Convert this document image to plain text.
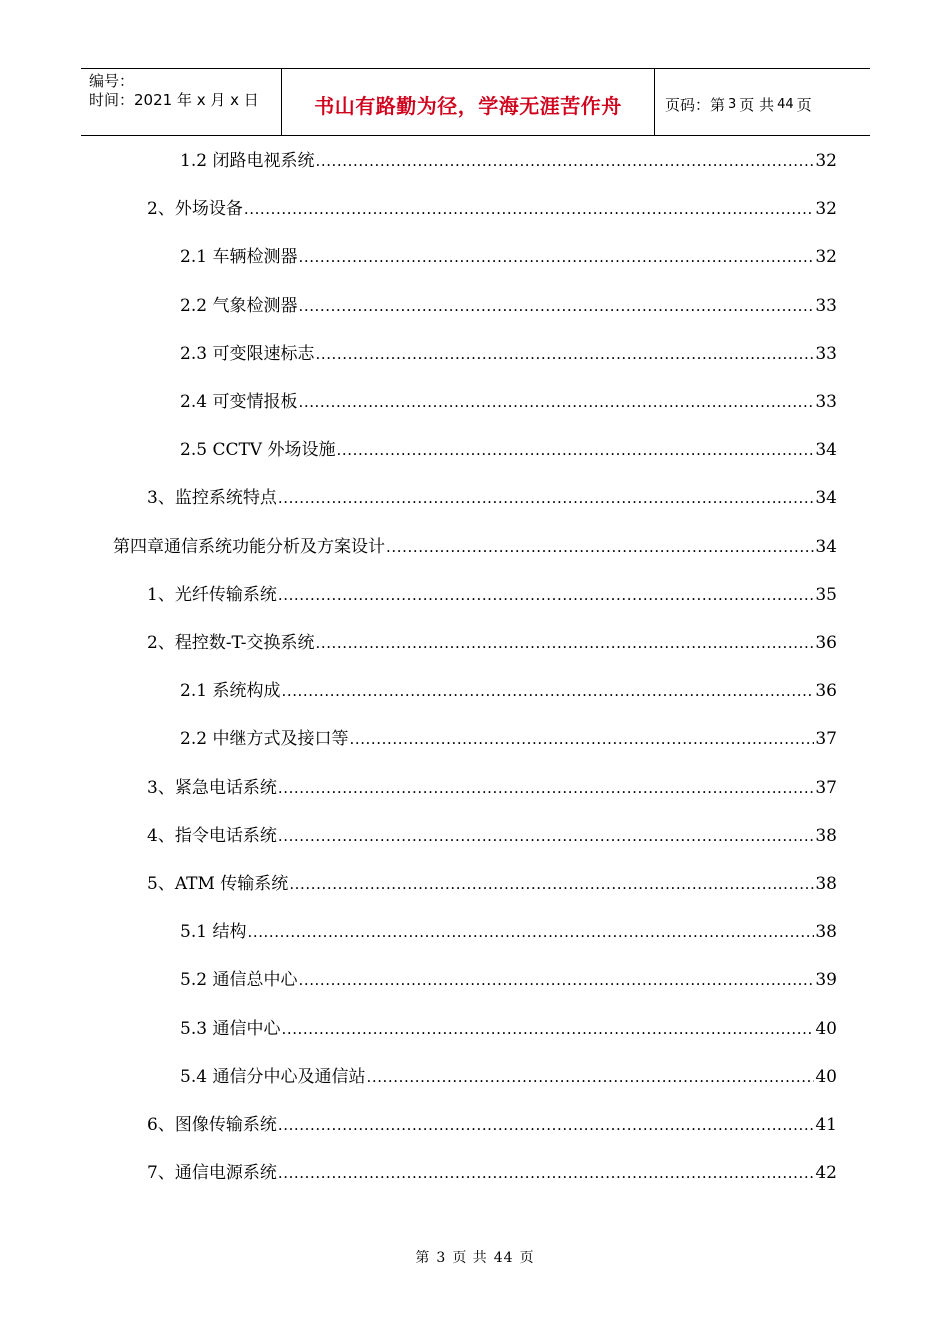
编号：
时间：2021 年 x 月 x 日	书山有路勤为径，学海无涯苦作舟	页码：第 3 页 共 44 页
1.2 闭路电视系统 .....	32
2、外场设备 .....	32
2.1 车辆检测器 .....	32
2.2 气象检测器 .....	33
2.3 可变限速标志 .....	33
2.4 可变情报板 .....	33
2.5 CCTV 外场设施 .....	34
3、监控系统特点 .....	34
第四章通信系统功能分析及方案设计 .....	34
1、光纤传输系统 .....	35
2、程控数-T-交换系统 .....	36
2.1 系统构成 .....	36
2.2 中继方式及接口等 .....	37
3、紧急电话系统 .....	37
4、指令电话系统 .....	38
5、ATM 传输系统 .....	38
5.1 结构 .....	38
5.2 通信总中心 .....	39
5.3 通信中心 .....	40
5.4 通信分中心及通信站 .....	40
6、图像传输系统 .....	41
7、通信电源系统 .....	42
第 3 页 共 44 页
